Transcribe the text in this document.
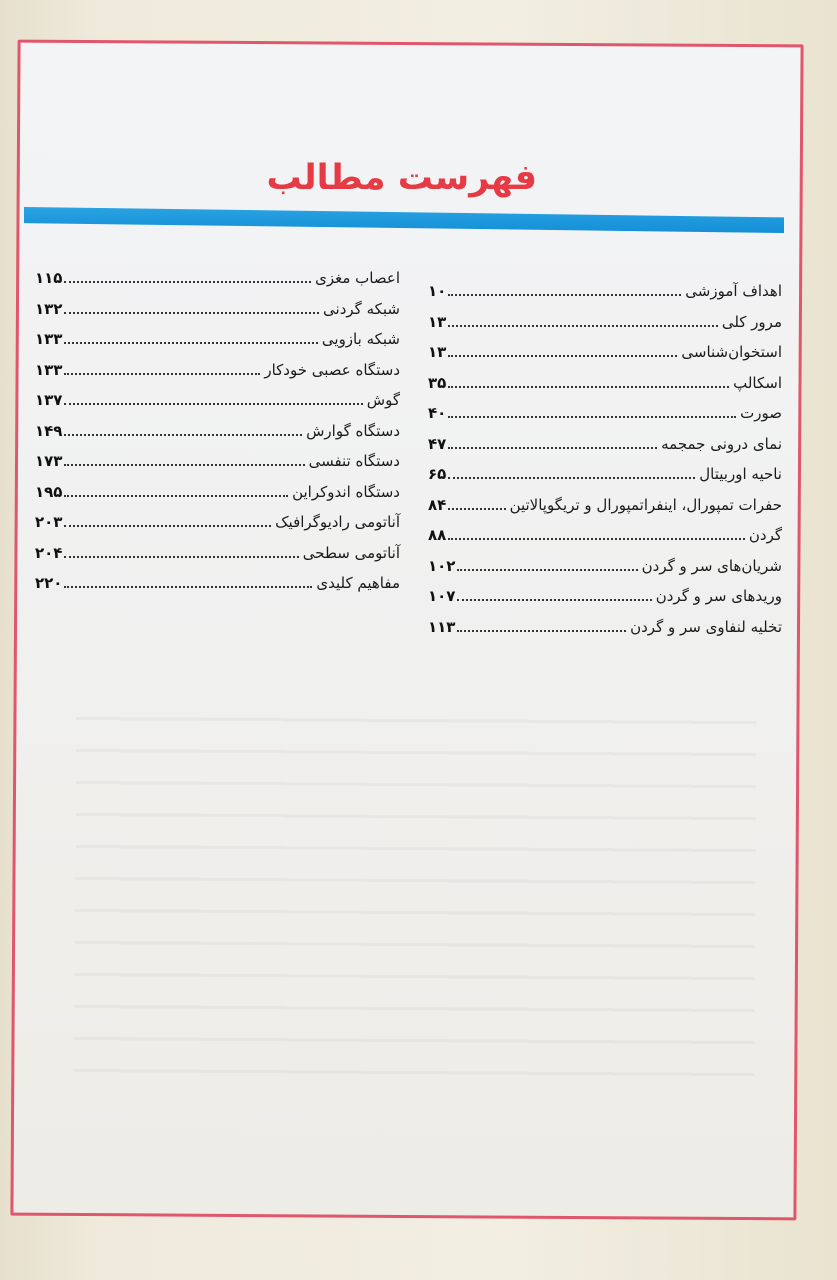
فهرست مطالب
اهداف آموزشی
۱۰
مرور کلی
۱۳
استخوان‌شناسی
۱۳
اسکالپ
۳۵
صورت
۴۰
نمای درونی جمجمه
۴۷
ناحیه اوربیتال
۶۵
حفرات تمپورال، اینفراتمپورال و تریگوپالاتین
۸۴
گردن
۸۸
شریان‌های سر و گردن
۱۰۲
وریدهای سر و گردن
۱۰۷
تخلیه لنفاوی سر و گردن
۱۱۳
اعصاب مغزی
۱۱۵
شبکه گردنی
۱۳۲
شبکه بازویی
۱۳۳
دستگاه عصبی خودکار
۱۳۳
گوش
۱۳۷
دستگاه گوارش
۱۴۹
دستگاه تنفسی
۱۷۳
دستگاه اندوکراین
۱۹۵
آناتومی رادیوگرافیک
۲۰۳
آناتومی سطحی
۲۰۴
مفاهیم کلیدی
۲۲۰
